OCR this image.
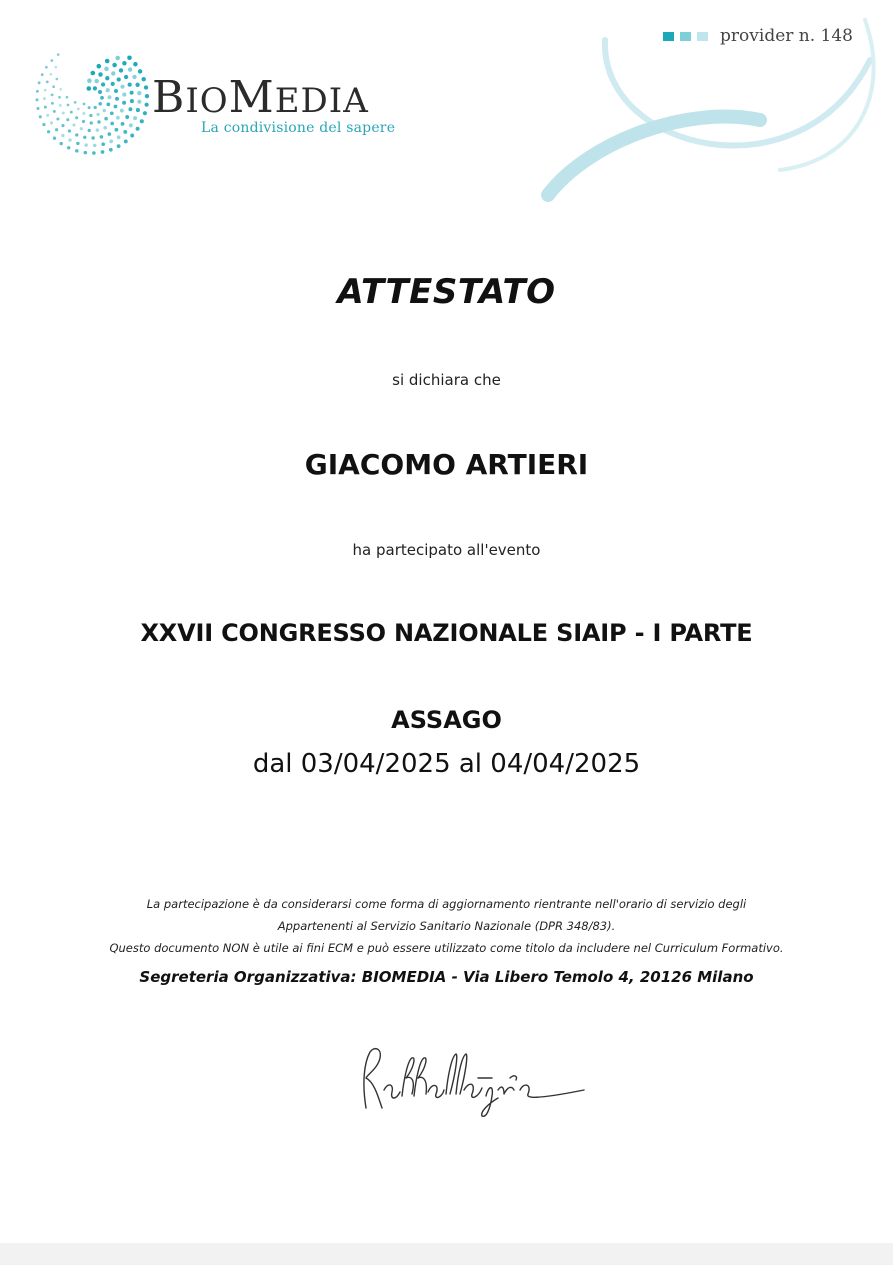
BIOMEDIA
La condivisione del sapere
provider n. 148
ATTESTATO
si dichiara che
GIACOMO ARTIERI
ha partecipato all'evento
XXVII CONGRESSO NAZIONALE SIAIP - I PARTE
ASSAGO
dal 03/04/2025 al 04/04/2025
La partecipazione è da considerarsi come forma di aggiornamento rientrante nell'orario di servizio degli
Appartenenti al Servizio Sanitario Nazionale (DPR 348/83).
Questo documento NON è utile ai fini ECM e può essere utilizzato come titolo da includere nel Curriculum Formativo.
Segreteria Organizzativa: BIOMEDIA - Via Libero Temolo 4, 20126 Milano
